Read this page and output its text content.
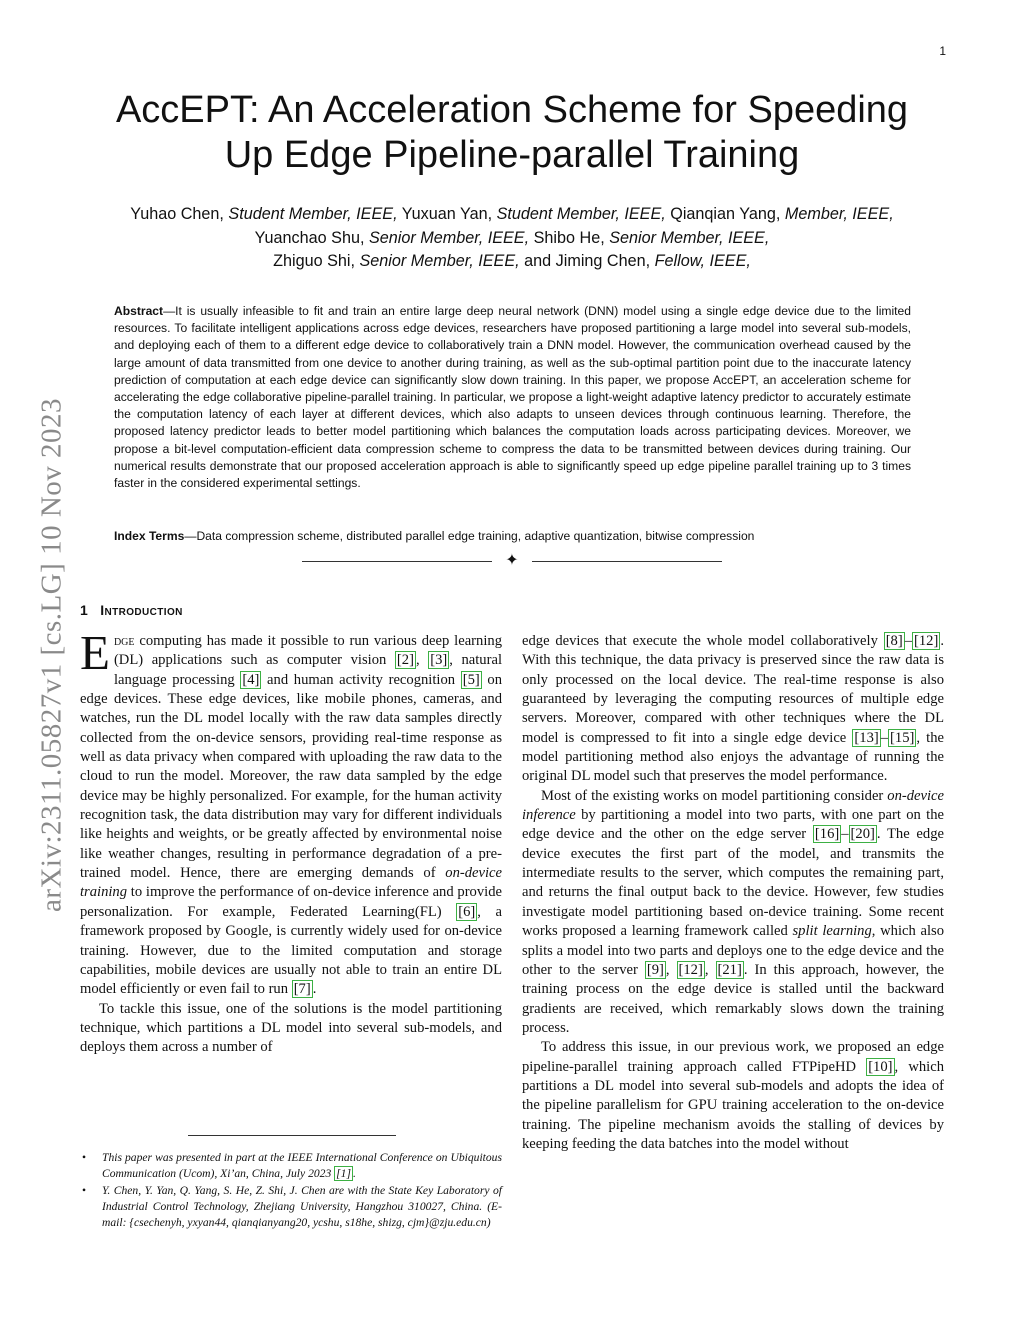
1
arXiv:2311.05827v1 [cs.LG] 10 Nov 2023
AccEPT: An Acceleration Scheme for Speeding
Up Edge Pipeline-parallel Training
Yuhao Chen, Student Member, IEEE, Yuxuan Yan, Student Member, IEEE, Qianqian Yang, Member, IEEE,
Yuanchao Shu, Senior Member, IEEE, Shibo He, Senior Member, IEEE,
Zhiguo Shi, Senior Member, IEEE, and Jiming Chen, Fellow, IEEE,
Abstract—It is usually infeasible to fit and train an entire large deep neural network (DNN) model using a single edge device due to the limited resources. To facilitate intelligent applications across edge devices, researchers have proposed partitioning a large model into several sub-models, and deploying each of them to a different edge device to collaboratively train a DNN model. However, the communication overhead caused by the large amount of data transmitted from one device to another during training, as well as the sub-optimal partition point due to the inaccurate latency prediction of computation at each edge device can significantly slow down training. In this paper, we propose AccEPT, an acceleration scheme for accelerating the edge collaborative pipeline-parallel training. In particular, we propose a light-weight adaptive latency predictor to accurately estimate the computation latency of each layer at different devices, which also adapts to unseen devices through continuous learning. Therefore, the proposed latency predictor leads to better model partitioning which balances the computation loads across participating devices. Moreover, we propose a bit-level computation-efficient data compression scheme to compress the data to be transmitted between devices during training. Our numerical results demonstrate that our proposed acceleration approach is able to significantly speed up edge pipeline parallel training up to 3 times faster in the considered experimental settings.
Index Terms—Data compression scheme, distributed parallel edge training, adaptive quantization, bitwise compression
✦
1 Introduction

Edge computing has made it possible to run various deep learning (DL) applications such as computer vision [2] , [3] , natural language processing [4] and human activity recognition [5] on edge devices. These edge devices, like mobile phones, cameras, and watches, run the DL model locally with the raw data samples directly collected from the on-device sensors, providing real-time response as well as data privacy when compared with uploading the raw data to the cloud to run the model. Moreover, the raw data sampled by the edge device may be highly personalized. For example, for the human activity recognition task, the data distribution may vary for different individuals like heights and weights, or be greatly affected by environmental noise like weather changes, resulting in performance degradation of a pre-trained model. Hence, there are emerging demands of on-device training to improve the performance of on-device inference and provide personalization. For example, Federated Learning(FL) [6] , a framework proposed by Google, is currently widely used for on-device training. However, due to the limited computation and storage capabilities, mobile devices are usually not able to train an entire DL model efficiently or even fail to run [7] .

To tackle this issue, one of the solutions is the model partitioning technique, which partitions a DL model into several sub-models, and deploys them across a number of

edge devices that execute the whole model collaboratively [8] – [12] . With this technique, the data privacy is preserved since the raw data is only processed on the local device. The real-time response is also guaranteed by leveraging the computing resources of multiple edge servers. Moreover, compared with other techniques where the DL model is compressed to fit into a single edge device [13] – [15] , the model partitioning method also enjoys the advantage of running the original DL model such that preserves the model performance.

Most of the existing works on model partitioning consider on-device inference by partitioning a model into two parts, with one part on the edge device and the other on the edge server [16] – [20] . The edge device executes the first part of the model, and transmits the intermediate results to the server, which computes the remaining part, and returns the final output back to the device. However, few studies investigate model partitioning based on-device training. Some recent works proposed a learning framework called split learning, which also splits a model into two parts and deploys one to the edge device and the other to the server [9] , [12] , [21] . In this approach, however, the training process on the edge device is stalled until the backward gradients are received, which remarkably slows down the training process.

To address this issue, in our previous work, we proposed an edge pipeline-parallel training approach called FTPipeHD [10] , which partitions a DL model into several sub-models and adopts the idea of the pipeline parallelism for GPU training acceleration to the on-device training. The pipeline mechanism avoids the stalling of devices by keeping feeding the data batches into the model without

• This paper was presented in part at the IEEE International Conference on Ubiquitous Communication (Ucom), Xi’an, China, July 2023 [1] .
• Y. Chen, Y. Yan, Q. Yang, S. He, Z. Shi, J. Chen are with the State Key Laboratory of Industrial Control Technology, Zhejiang University, Hangzhou 310027, China. (E-mail: {csechenyh, yxyan44, qianqianyang20, ycshu, s18he, shizg, cjm}@zju.edu.cn)
